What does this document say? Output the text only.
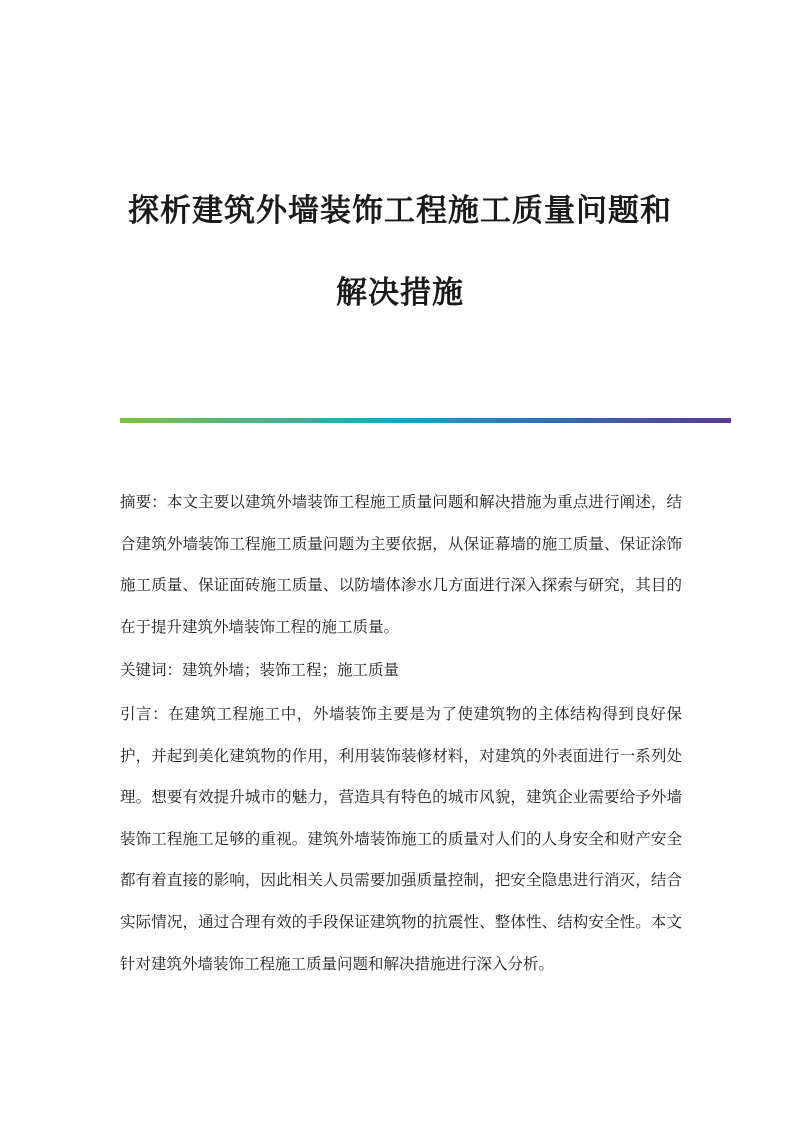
探析建筑外墙装饰工程施工质量问题和
解决措施

摘要：本文主要以建筑外墙装饰工程施工质量问题和解决措施为重点进行阐述，结合建筑外墙装饰工程施工质量问题为主要依据，从保证幕墙的施工质量、保证涂饰施工质量、保证面砖施工质量、以防墙体渗水几方面进行深入探索与研究，其目的在于提升建筑外墙装饰工程的施工质量。

关键词：建筑外墙；装饰工程；施工质量

引言：在建筑工程施工中，外墙装饰主要是为了使建筑物的主体结构得到良好保护，并起到美化建筑物的作用，利用装饰装修材料，对建筑的外表面进行一系列处理。想要有效提升城市的魅力，营造具有特色的城市风貌，建筑企业需要给予外墙装饰工程施工足够的重视。建筑外墙装饰施工的质量对人们的人身安全和财产安全都有着直接的影响，因此相关人员需要加强质量控制，把安全隐患进行消灭，结合实际情况，通过合理有效的手段保证建筑物的抗震性、整体性、结构安全性。本文针对建筑外墙装饰工程施工质量问题和解决措施进行深入分析。
